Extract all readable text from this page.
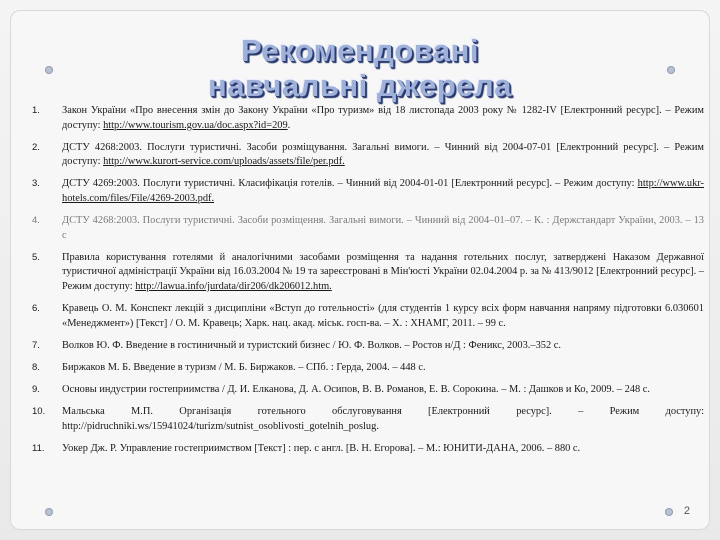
Рекомендовані
навчальні джерела
1.	Закон України «Про внесення змін до Закону України «Про туризм» від 18 листопада 2003 року № 1282-IV [Електронний ресурс]. – Режим доступу: http://www.tourism.gov.ua/doc.aspx?id=209.
2.	ДСТУ 4268:2003. Послуги туристичні. Засоби розміщування. Загальні вимоги. – Чинний від 2004-07-01 [Електронний ресурс]. – Режим доступу: http://www.kurort-service.com/uploads/assets/file/per.pdf.
3.	ДСТУ 4269:2003. Послуги туристичні. Класифікація готелів. – Чинний від 2004-01-01 [Електронний ресурс]. – Режим доступу: http://www.ukr-hotels.com/files/File/4269-2003.pdf.
4.	ДСТУ 4268:2003. Послуги туристичні. Засоби розміщення. Загальні вимоги. – Чинний від 2004–01–07. – К. : Держстандарт України, 2003. – 13 с
5.	Правила користування готелями й аналогічними засобами розміщення та надання готельних послуг, затверджені Наказом Державної туристичної адміністрації України від 16.03.2004 № 19 та зареєстровані в Мін'юсті України 02.04.2004 р. за № 413/9012 [Електронний ресурс]. – Режим доступу: http://lawua.info/jurdata/dir206/dk206012.htm.
6.	Кравець О. М. Конспект лекцій з дисципліни «Вступ до готельності» (для студентів 1 курсу всіх форм навчання напряму підготовки 6.030601 «Менеджмент») [Текст] / О. М. Кравець; Харк. нац. акад. міськ. госп-ва. – Х. : ХНАМГ, 2011. – 99 с.
7.	Волков Ю. Ф. Введение в гостиничный и туристский бизнес / Ю. Ф. Волков. – Ростов н/Д : Феникс, 2003.–352 с.
8.	Биржаков М. Б. Введение в туризм / М. Б. Биржаков. – СПб. : Герда, 2004. – 448 с.
9.	Основы индустрии гостеприимства / Д. И. Елканова, Д. А. Осипов, В. В. Романов, Е. В. Сорокина. – М. : Дашков и Ко, 2009. – 248 с.
10.	Мальська М.П. Організація готельного обслуговування [Електронний ресурс]. – Режим доступу: http://pidruchniki.ws/15941024/turizm/sutnist_osoblivosti_gotelnih_poslug.
11.	Уокер Дж. Р. Управление гостеприимством [Текст] : пер. с англ. [В. Н. Егорова]. – М.: ЮНИТИ-ДАНА, 2006. – 880 с.
2
